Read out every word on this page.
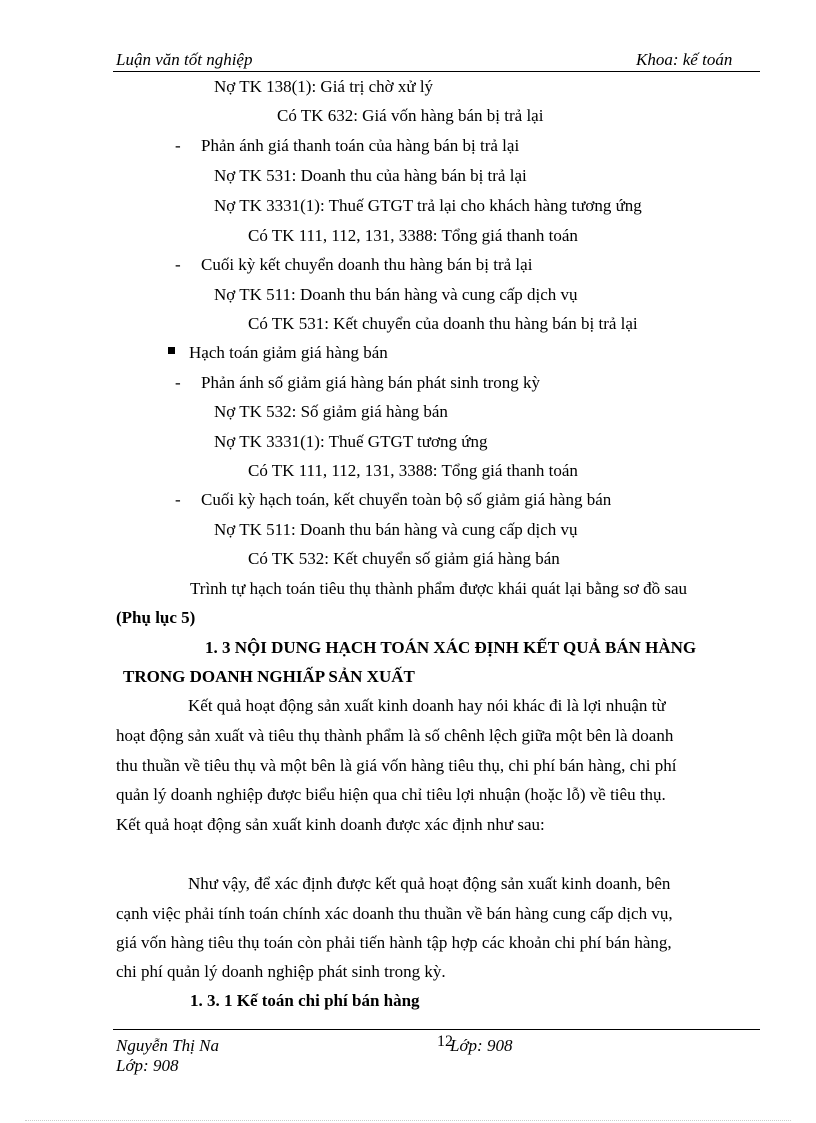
Luận văn tốt nghiệp	Khoa: kế toán
Nợ TK 138(1): Giá trị chờ xử lý
Có TK 632: Giá vốn hàng bán bị trả lại
- Phản ánh giá thanh toán của hàng bán bị trả lại
Nợ TK 531: Doanh thu của hàng bán bị trả lại
Nợ TK 3331(1): Thuế GTGT trả lại cho khách hàng tương ứng
Có TK 111, 112, 131, 3388: Tổng giá thanh toán
- Cuối kỳ kết chuyển doanh thu hàng bán bị trả lại
Nợ TK 511: Doanh thu bán hàng và cung cấp dịch vụ
Có TK 531: Kết chuyển của doanh thu hàng bán bị trả lại
Hạch toán giảm giá hàng bán
- Phản ánh số giảm giá hàng bán phát sinh trong kỳ
Nợ TK 532: Số giảm giá hàng bán
Nợ TK 3331(1): Thuế GTGT tương ứng
Có TK 111, 112, 131, 3388: Tổng giá thanh toán
- Cuối kỳ hạch toán, kết chuyển toàn bộ số giảm giá hàng bán
Nợ TK 511: Doanh thu bán hàng và cung cấp dịch vụ
Có TK 532: Kết chuyển số giảm giá hàng bán
Trình tự hạch toán tiêu thụ thành phẩm được khái quát lại bằng sơ đồ sau
(Phụ lục 5)
1. 3 NỘI DUNG HẠCH TOÁN XÁC ĐỊNH KẾT QUẢ BÁN HÀNG
TRONG DOANH NGHIẤP SẢN XUẤT
Kết quả hoạt động sản xuất kinh doanh hay nói khác đi là lợi nhuận từ
hoạt động sản xuất và tiêu thụ thành phẩm là số chênh lệch giữa một bên là doanh
thu thuần về tiêu thụ và một bên là giá vốn hàng tiêu thụ, chi phí bán hàng, chi phí
quản lý doanh nghiệp được biểu hiện qua chỉ tiêu lợi nhuận (hoặc lỗ) về tiêu thụ.
Kết quả hoạt động sản xuất kinh doanh được xác định như sau:
Như vậy, để xác định được kết quả hoạt động sản xuất kinh doanh, bên
cạnh việc phải tính toán chính xác doanh thu thuần về bán hàng cung cấp dịch vụ,
giá vốn hàng tiêu thụ toán còn phải tiến hành tập hợp các khoản chi phí bán hàng,
chi phí quản lý doanh nghiệp phát sinh trong kỳ.
1. 3. 1 Kế toán chi phí bán hàng
Nguyễn Thị Na	12
Lớp: 908
Lớp: 908
